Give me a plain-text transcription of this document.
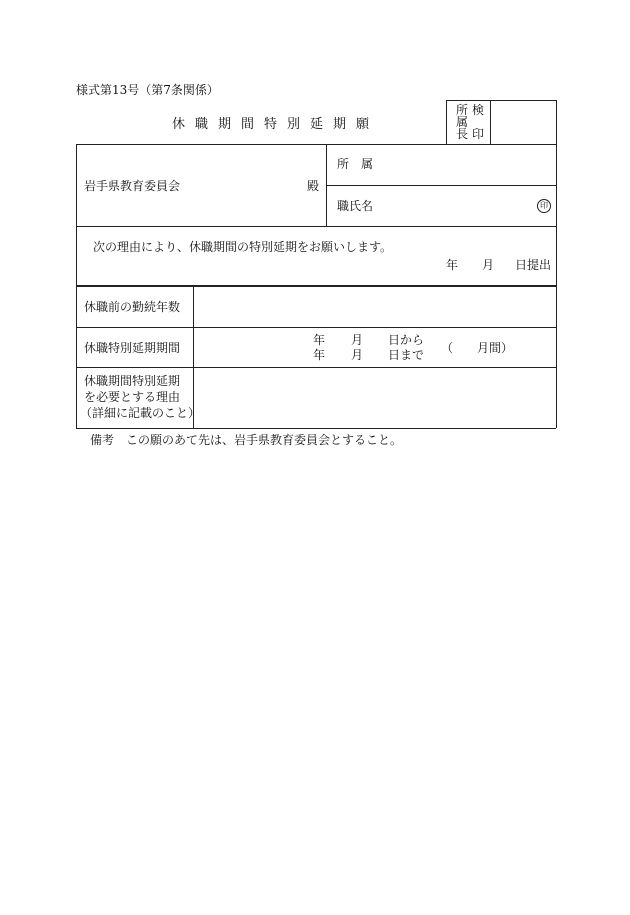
様式第13号（第7条関係）
休職期間特別延期願
所
属
長
検
印
岩手県教育委員会	殿
所　属
職氏名	印
次の理由により、休職期間の特別延期をお願いします。
年 月 日提出
休職前の勤続年数
休職特別延期期間
年 月 日から
年 月 日まで （　　月間）
休職期間特別延期
を必要とする理由
（詳細に記載のこと）
備考　この願のあて先は、岩手県教育委員会とすること。
